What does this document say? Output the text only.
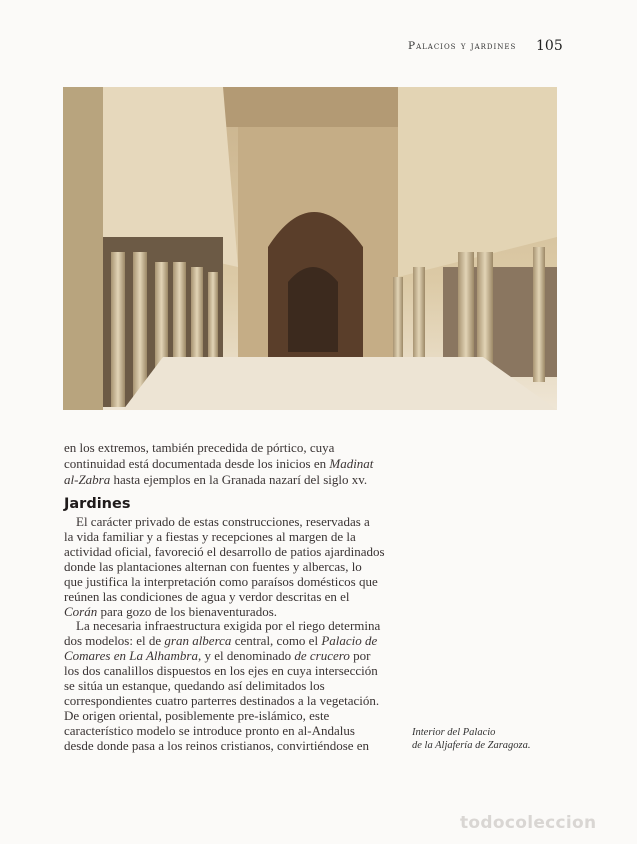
Palacios y jardines 105
en los extremos, también precedida de pórtico, cuya
continuidad está documentada desde los inicios en Madinat
al-Zabra hasta ejemplos en la Granada nazarí del siglo xv.
Jardines
El carácter privado de estas construcciones, reservadas a
la vida familiar y a fiestas y recepciones al margen de la
actividad oficial, favoreció el desarrollo de patios ajardinados
donde las plantaciones alternan con fuentes y albercas, lo
que justifica la interpretación como paraísos domésticos que
reúnen las condiciones de agua y verdor descritas en el
Corán para gozo de los bienaventurados.
La necesaria infraestructura exigida por el riego determina
dos modelos: el de gran alberca central, como el Palacio de
Comares en La Alhambra, y el denominado de crucero por
los dos canalillos dispuestos en los ejes en cuya intersección
se sitúa un estanque, quedando así delimitados los
correspondientes cuatro parterres destinados a la vegetación.
De origen oriental, posiblemente pre-islámico, este
característico modelo se introduce pronto en al-Andalus
desde donde pasa a los reinos cristianos, convirtiéndose en
Interior del Palacio
de la Aljafería de Zaragoza.
todocoleccion
